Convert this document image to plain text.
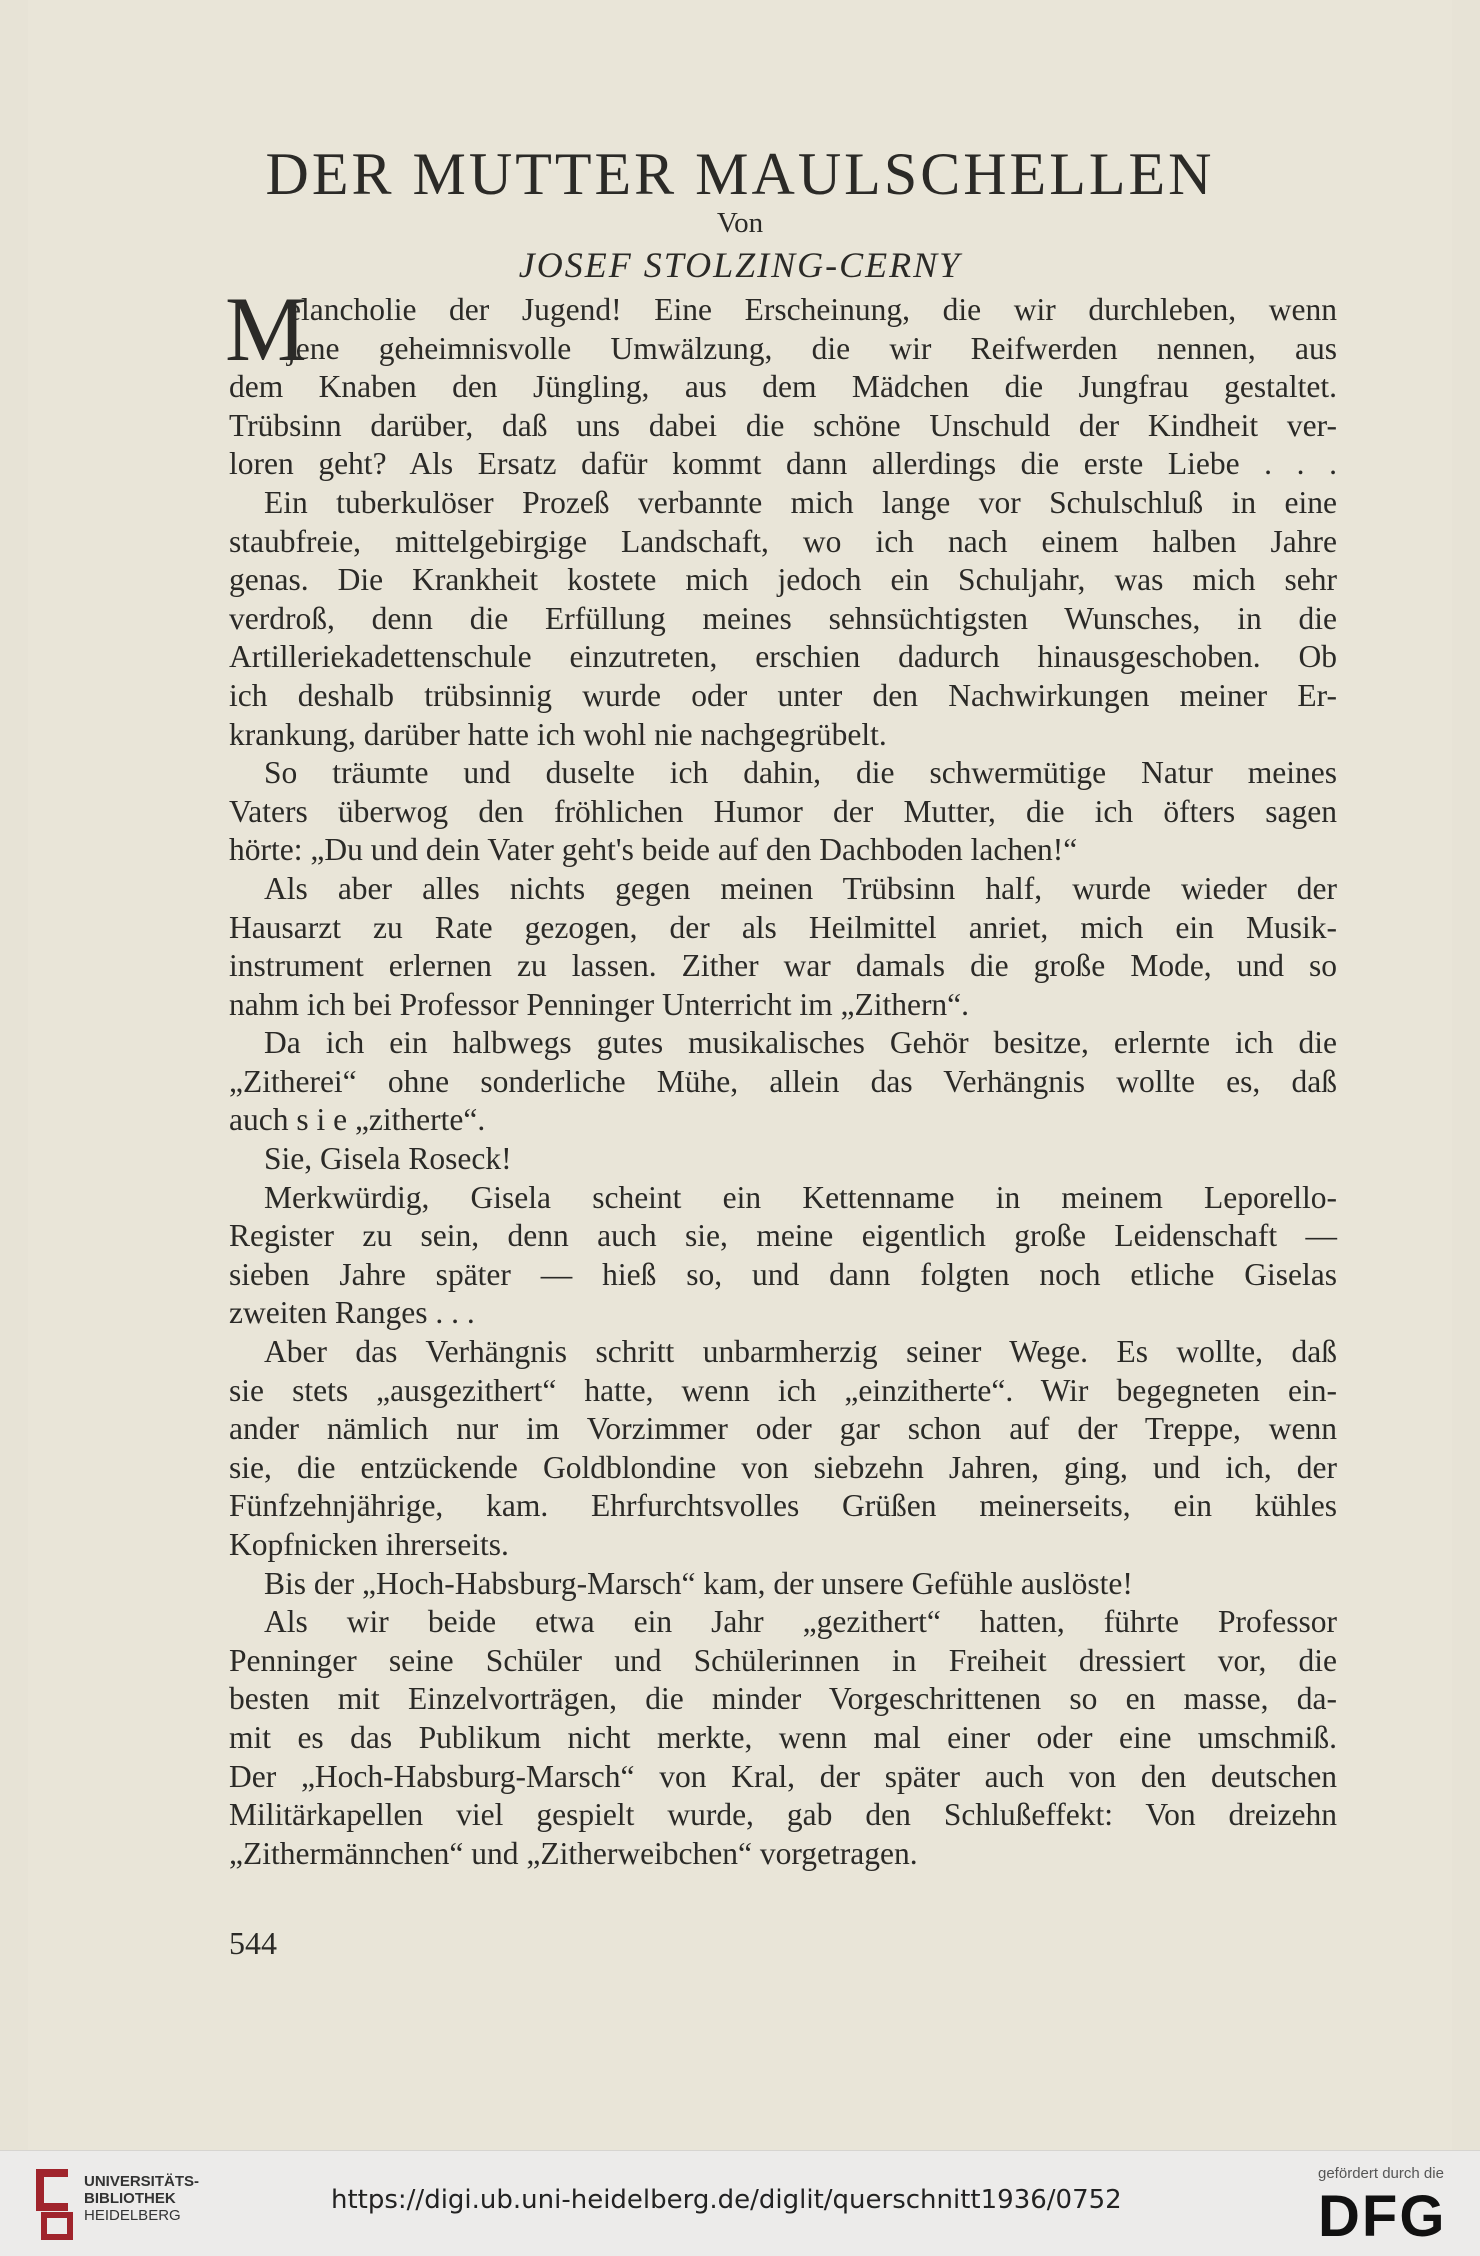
DER MUTTER MAULSCHELLEN
Von
JOSEF STOLZING-CERNY
M
elancholie der Jugend! Eine Erscheinung, die wir durchleben, wenn
jene geheimnisvolle Umwälzung, die wir Reifwerden nennen, aus
dem Knaben den Jüngling, aus dem Mädchen die Jungfrau gestaltet.
Trübsinn darüber, daß uns dabei die schöne Unschuld der Kindheit ver-
loren geht? Als Ersatz dafür kommt dann allerdings die erste Liebe . . .
Ein tuberkulöser Prozeß verbannte mich lange vor Schulschluß in eine
staubfreie, mittelgebirgige Landschaft, wo ich nach einem halben Jahre
genas. Die Krankheit kostete mich jedoch ein Schuljahr, was mich sehr
verdroß, denn die Erfüllung meines sehnsüchtigsten Wunsches, in die
Artilleriekadettenschule einzutreten, erschien dadurch hinausgeschoben. Ob
ich deshalb trübsinnig wurde oder unter den Nachwirkungen meiner Er-
krankung, darüber hatte ich wohl nie nachgegrübelt.
So träumte und duselte ich dahin, die schwermütige Natur meines
Vaters überwog den fröhlichen Humor der Mutter, die ich öfters sagen
hörte: „Du und dein Vater geht's beide auf den Dachboden lachen!“
Als aber alles nichts gegen meinen Trübsinn half, wurde wieder der
Hausarzt zu Rate gezogen, der als Heilmittel anriet, mich ein Musik-
instrument erlernen zu lassen. Zither war damals die große Mode, und so
nahm ich bei Professor Penninger Unterricht im „Zithern“.
Da ich ein halbwegs gutes musikalisches Gehör besitze, erlernte ich die
„Zitherei“ ohne sonderliche Mühe, allein das Verhängnis wollte es, daß
auch s i e „zitherte“.
Sie, Gisela Roseck!
Merkwürdig, Gisela scheint ein Kettenname in meinem Leporello-
Register zu sein, denn auch sie, meine eigentlich große Leidenschaft —
sieben Jahre später — hieß so, und dann folgten noch etliche Giselas
zweiten Ranges . . .
Aber das Verhängnis schritt unbarmherzig seiner Wege. Es wollte, daß
sie stets „ausgezithert“ hatte, wenn ich „einzitherte“. Wir begegneten ein-
ander nämlich nur im Vorzimmer oder gar schon auf der Treppe, wenn
sie, die entzückende Goldblondine von siebzehn Jahren, ging, und ich, der
Fünfzehnjährige, kam. Ehrfurchtsvolles Grüßen meinerseits, ein kühles
Kopfnicken ihrerseits.
Bis der „Hoch-Habsburg-Marsch“ kam, der unsere Gefühle auslöste!
Als wir beide etwa ein Jahr „gezithert“ hatten, führte Professor
Penninger seine Schüler und Schülerinnen in Freiheit dressiert vor, die
besten mit Einzelvorträgen, die minder Vorgeschrittenen so en masse, da-
mit es das Publikum nicht merkte, wenn mal einer oder eine umschmiß.
Der „Hoch-Habsburg-Marsch“ von Kral, der später auch von den deutschen
Militärkapellen viel gespielt wurde, gab den Schlußeffekt: Von dreizehn
„Zithermännchen“ und „Zitherweibchen“ vorgetragen.
544
UNIVERSITÄTS-
BIBLIOTHEK
HEIDELBERG
https://digi.ub.uni-heidelberg.de/diglit/querschnitt1936/0752
gefördert durch die
DFG
